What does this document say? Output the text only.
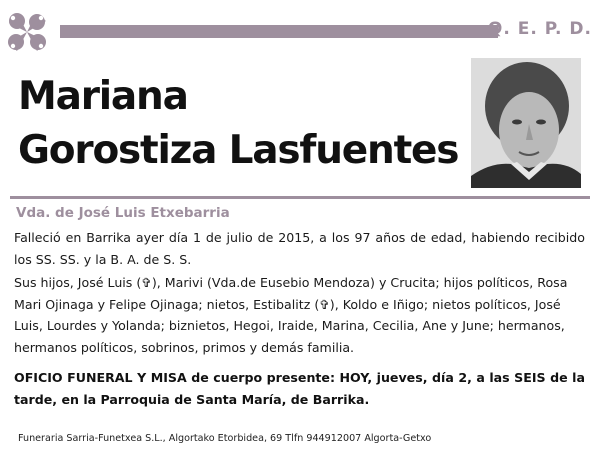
Q. E. P. D.
Mariana
Gorostiza Lasfuentes
Vda. de José Luis Etxebarria

Falleció en Barrika ayer día 1 de julio de 2015, a los 97 años de edad, habiendo recibido los SS. SS. y la B. A. de S. S.

Sus hijos, José Luis (✞), Marivi (Vda.de Eusebio Mendoza) y Crucita; hijos políticos, Rosa Mari Ojinaga y Felipe Ojinaga; nietos, Estibalitz (✞), Koldo e Iñigo; nietos políticos, José Luis, Lourdes y Yolanda; biznietos, Hegoi, Iraide, Marina, Cecilia, Ane y June; hermanos, hermanos políticos, sobrinos, primos y demás familia.

OFICIO FUNERAL Y MISA de cuerpo presente: HOY, jueves, día 2, a las SEIS de la tarde, en la Parroquia de Santa María, de Barrika.

Funeraria Sarria-Funetxea S.L., Algortako Etorbidea, 69 Tlfn 944912007 Algorta-Getxo
